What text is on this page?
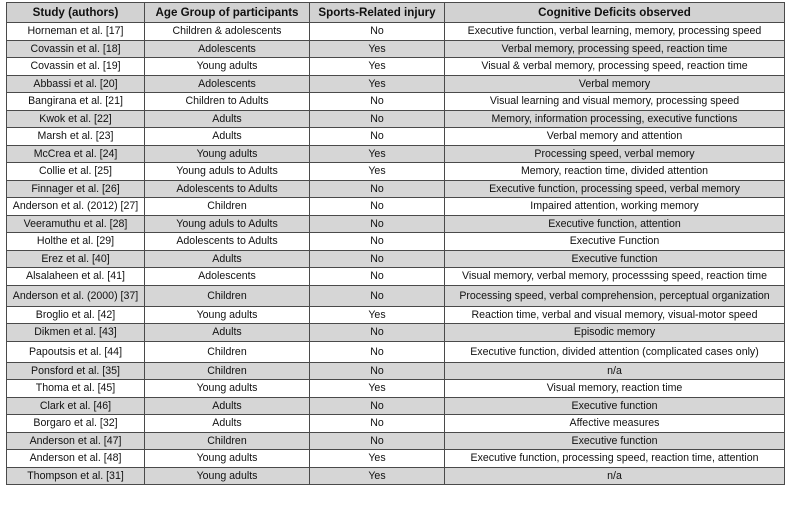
Study (authors)	Age Group of participants	Sports-Related injury	Cognitive Deficits observed
Horneman et al. [17]	Children & adolescents	No	Executive function, verbal learning, memory, processing speed
Covassin et al. [18]	Adolescents	Yes	Verbal memory, processing speed, reaction time
Covassin et al. [19]	Young adults	Yes	Visual & verbal memory, processing speed, reaction time
Abbassi et al. [20]	Adolescents	Yes	Verbal memory
Bangirana et al. [21]	Children to Adults	No	Visual learning and visual memory, processing speed
Kwok et al. [22]	Adults	No	Memory, information processing, executive functions
Marsh et al. [23]	Adults	No	Verbal memory and attention
McCrea et al. [24]	Young adults	Yes	Processing speed, verbal memory
Collie et al. [25]	Young aduls to Adults	Yes	Memory, reaction time, divided attention
Finnager et al. [26]	Adolescents to Adults	No	Executive function, processing speed, verbal memory
Anderson et al. (2012) [27]	Children	No	Impaired attention, working memory
Veeramuthu et al. [28]	Young aduls to Adults	No	Executive function, attention
Holthe et al. [29]	Adolescents to Adults	No	Executive Function
Erez et al. [40]	Adults	No	Executive function
Alsalaheen et al. [41]	Adolescents	No	Visual memory, verbal memory, processsing speed, reaction time
Anderson et al. (2000) [37]	Children	No	Processing speed, verbal comprehension, perceptual organization
Broglio et al. [42]	Young adults	Yes	Reaction time, verbal and visual memory, visual-motor speed
Dikmen et al. [43]	Adults	No	Episodic memory
Papoutsis et al. [44]	Children	No	Executive function, divided attention (complicated cases only)
Ponsford et al. [35]	Children	No	n/a
Thoma et al. [45]	Young adults	Yes	Visual memory, reaction time
Clark et al. [46]	Adults	No	Executive function
Borgaro et al. [32]	Adults	No	Affective measures
Anderson et al. [47]	Children	No	Executive function
Anderson et al. [48]	Young adults	Yes	Executive function, processing speed, reaction time, attention
Thompson et al. [31]	Young adults	Yes	n/a
